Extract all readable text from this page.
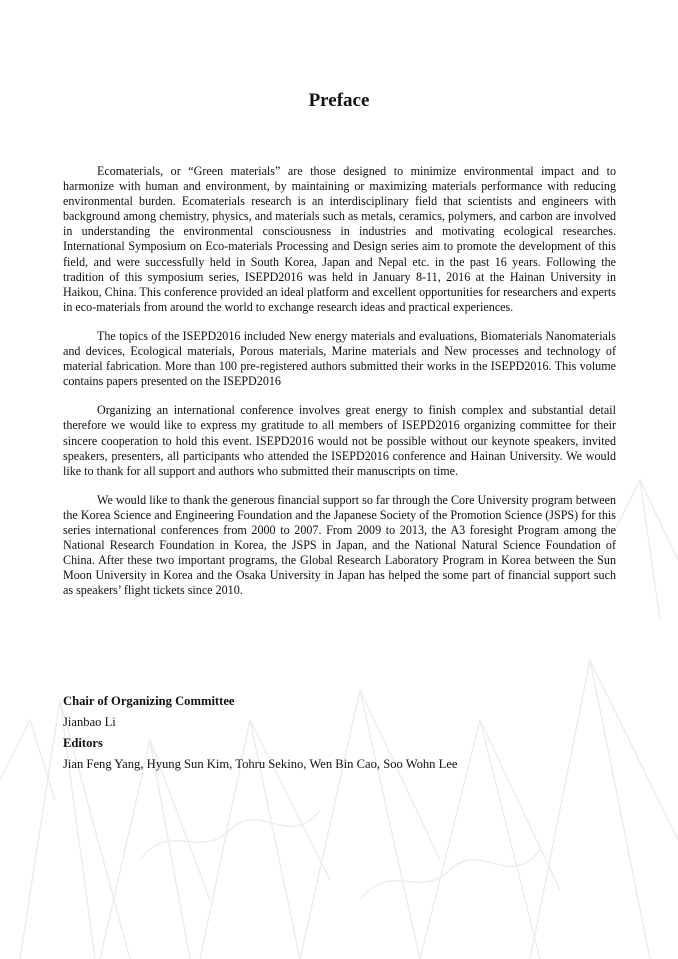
Preface

Ecomaterials, or “Green materials” are those designed to minimize environmental impact and to harmonize with human and environment, by maintaining or maximizing materials performance with reducing environmental burden. Ecomaterials research is an interdisciplinary field that scientists and engineers with background among chemistry, physics, and materials such as metals, ceramics, polymers, and carbon are involved in understanding the environmental consciousness in industries and motivating ecological researches. International Symposium on Eco-materials Processing and Design series aim to promote the development of this field, and were successfully held in South Korea, Japan and Nepal etc. in the past 16 years. Following the tradition of this symposium series, ISEPD2016 was held in January 8-11, 2016 at the Hainan University in Haikou, China. This conference provided an ideal platform and excellent opportunities for researchers and experts in eco-materials from around the world to exchange research ideas and practical experiences.

The topics of the ISEPD2016 included New energy materials and evaluations, Biomaterials Nanomaterials and devices, Ecological materials, Porous materials, Marine materials and New processes and technology of material fabrication. More than 100 pre-registered authors submitted their works in the ISEPD2016. This volume contains papers presented on the ISEPD2016

Organizing an international conference involves great energy to finish complex and substantial detail therefore we would like to express my gratitude to all members of ISEPD2016 organizing committee for their sincere cooperation to hold this event. ISEPD2016 would not be possible without our keynote speakers, invited speakers, presenters, all participants who attended the ISEPD2016 conference and Hainan University. We would like to thank for all support and authors who submitted their manuscripts on time.

We would like to thank the generous financial support so far through the Core University program between the Korea Science and Engineering Foundation and the Japanese Society of the Promotion Science (JSPS) for this series international conferences from 2000 to 2007. From 2009 to 2013, the A3 foresight Program among the National Research Foundation in Korea, the JSPS in Japan, and the National Natural Science Foundation of China. After these two important programs, the Global Research Laboratory Program in Korea between the Sun Moon University in Korea and the Osaka University in Japan has helped the some part of financial support such as speakers’ flight tickets since 2010.

Chair of Organizing Committee
Jianbao Li
Editors
Jian Feng Yang, Hyung Sun Kim, Tohru Sekino, Wen Bin Cao, Soo Wohn Lee
